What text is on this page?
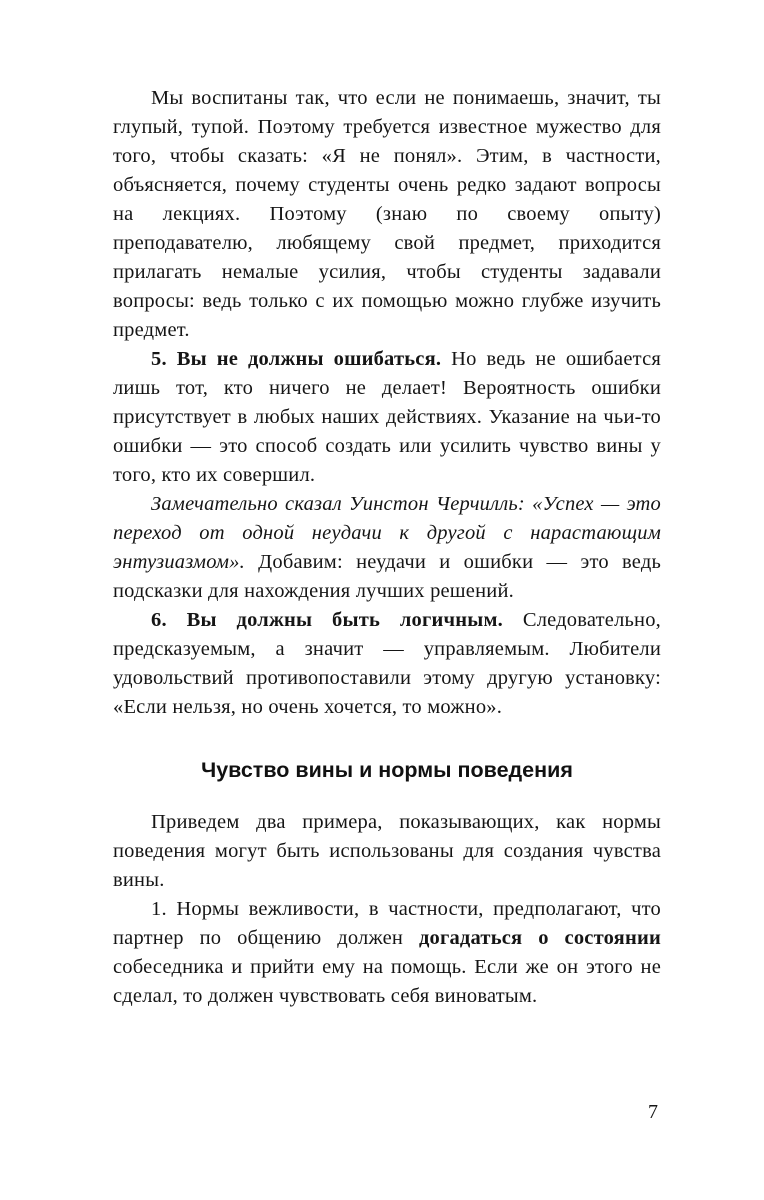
Мы воспитаны так, что если не понимаешь, значит, ты глупый, тупой. Поэтому требуется известное мужество для того, чтобы сказать: «Я не понял». Этим, в частности, объясняется, почему студенты очень редко задают вопросы на лекциях. Поэтому (знаю по своему опыту) преподавателю, любящему свой предмет, приходится прилагать немалые усилия, чтобы студенты задавали вопросы: ведь только с их помощью можно глубже изучить предмет.

5. Вы не должны ошибаться. Но ведь не ошибается лишь тот, кто ничего не делает! Вероятность ошибки присутствует в любых наших действиях. Указание на чьи-то ошибки — это способ создать или усилить чувство вины у того, кто их совершил.

Замечательно сказал Уинстон Черчилль: «Успех — это переход от одной неудачи к другой с нарастающим энтузиазмом». Добавим: неудачи и ошибки — это ведь подсказки для нахождения лучших решений.

6. Вы должны быть логичным. Следовательно, предсказуемым, а значит — управляемым. Любители удовольствий противопоставили этому другую установку: «Если нельзя, но очень хочется, то можно».

Чувство вины и нормы поведения

Приведем два примера, показывающих, как нормы поведения могут быть использованы для создания чувства вины.

1. Нормы вежливости, в частности, предполагают, что партнер по общению должен догадаться о состоянии собеседника и прийти ему на помощь. Если же он этого не сделал, то должен чувствовать себя виноватым.

7
